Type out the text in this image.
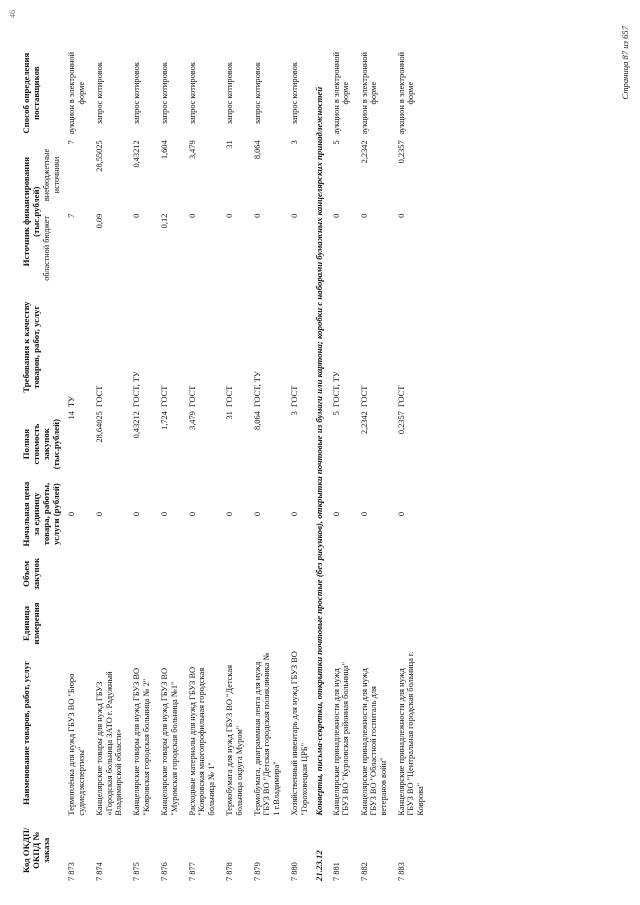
46
Код ОКДП/ ОКПД № заказа	Наименование товаров, работ, услуг	Единица измерения	Объем закупок	Начальная цена за единицу товара, работы, услуги (рублей)	Полная стоимость закупок (тыс.рублей)	Требования к качеству товаров, работ, услуг	Источник финансирования (тыс.рублей)		Способ определения поставщиков
							областной бюджет	внебюджетные источники	
7 873	Термоплёнка для нужд ГБУЗ ВО "Бюро судмедэкспертизы"			0	14	ТУ	7	7	аукцион в электронной форме
7 874	Канцелярские товары для нужд ГБУЗ «Городская больница ЗАТО г. Радужный Владимирской области»			0	28,64025	ГОСТ	0,09	28,55025	запрос котировок
7 875	Канцелярские товары для нужд ГБУЗ ВО "Ковровская городская больница № 2"			0	0,43212	ГОСТ, ТУ	0	0,43212	запрос котировок
7 876	Канцелярские товары для нужд ГБУЗ ВО "Муромская городская больница №1"			0	1,724	ГОСТ	0,12	1,604	запрос котировок
7 877	Расходные материалы для нужд ГБУЗ ВО "Ковровская многопрофильная городская больница № 1"			0	3,479	ГОСТ	0	3,479	запрос котировок
7 878	Термобумага для нужд ГБУЗ ВО "Детская больница округа Муром"			0	31	ГОСТ	0	31	запрос котировок
7 879	Термобумага, диаграммная лента для нужд ГБУЗ ВО "Детская городская поликлиника № 1 г.Владимира"			0	8,064	ГОСТ, ТУ	0	8,064	запрос котировок
7 880	Хозяйственный инвентарь для нужд ГБУЗ ВО "Гороховецкая ЦРБ"			0	3	ГОСТ	0	3	запрос котировок
21.23.12	Конверты, письма-секретки, открытки почтовые простые (без рисунков), открытки почтовые из бумаги или картона; коробки с наборами бумажных канцелярских принадлежностей								
7 881	Канцелярские принадлежности для нужд ГБУЗ ВО "Курловская районная больница"			0	5	ГОСТ, ТУ	0	5	аукцион в электронной форме
7 882	Канцелярские принадлежности для нужд ГБУЗ ВО "Областной госпиталь для ветеранов войн"			0	2,2342	ГОСТ	0	2,2342	аукцион в электронной форме
7 883	Канцелярские принадлежности для нужд ГБУЗ ВО "Центральная городская больница г. Коврова"			0	0,2357	ГОСТ	0	0,2357	аукцион в электронной форме	Страница 87 из 657
